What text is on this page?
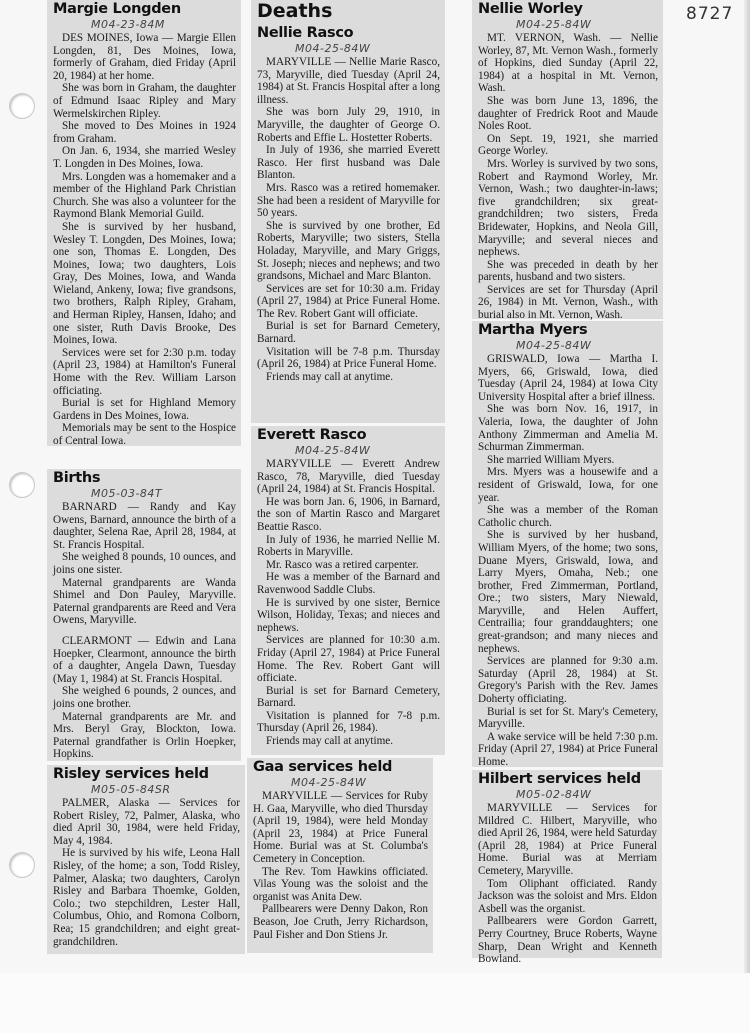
8727
Margie Longden
M04-23-84M

DES MOINES, Iowa — Margie Ellen Longden, 81, Des Moines, Iowa, formerly of Graham, died Friday (April 20, 1984) at her home.

She was born in Graham, the daughter of Edmund Isaac Ripley and Mary Wermelskirchen Ripley.

She moved to Des Moines in 1924 from Graham.

On Jan. 6, 1934, she married Wesley T. Longden in Des Moines, Iowa.

Mrs. Longden was a homemaker and a member of the Highland Park Christian Church. She was also a volunteer for the Raymond Blank Memorial Guild.

She is survived by her husband, Wesley T. Longden, Des Moines, Iowa; one son, Thomas E. Longden, Des Moines, Iowa; two daughters, Lois Gray, Des Moines, Iowa, and Wanda Wieland, Ankeny, Iowa; five grandsons, two brothers, Ralph Ripley, Graham, and Herman Ripley, Hansen, Idaho; and one sister, Ruth Davis Brooke, Des Moines, Iowa.

Services were set for 2:30 p.m. today (April 23, 1984) at Hamilton's Funeral Home with the Rev. William Larson officiating.

Burial is set for Highland Memory Gardens in Des Moines, Iowa.

Memorials may be sent to the Hospice of Central Iowa.

Births
M05-03-84T

BARNARD — Randy and Kay Owens, Barnard, announce the birth of a daughter, Selena Rae, April 28, 1984, at St. Francis Hospital.

She weighed 8 pounds, 10 ounces, and joins one sister.

Maternal grandparents are Wanda Shimel and Don Pauley, Maryville. Paternal grandparents are Reed and Vera Owens, Maryville.

CLEARMONT — Edwin and Lana Hoepker, Clearmont, announce the birth of a daughter, Angela Dawn, Tuesday (May 1, 1984) at St. Francis Hospital.

She weighed 6 pounds, 2 ounces, and joins one brother.

Maternal grandparents are Mr. and Mrs. Beryl Gray, Blockton, Iowa. Paternal grandfather is Orlin Hoepker, Hopkins.

Risley services held
M05-05-84SR

PALMER, Alaska — Services for Robert Risley, 72, Palmer, Alaska, who died April 30, 1984, were held Friday, May 4, 1984.

He is survived by his wife, Leona Hall Risley, of the home; a son, Todd Risley, Palmer, Alaska; two daughters, Carolyn Risley and Barbara Thoemke, Golden, Colo.; two stepchildren, Lester Hall, Columbus, Ohio, and Romona Colborn, Rea; 15 grandchildren; and eight great-grandchildren.

Deaths
Nellie Rasco
M04-25-84W

MARYVILLE — Nellie Marie Rasco, 73, Maryville, died Tuesday (April 24, 1984) at St. Francis Hospital after a long illness.

She was born July 29, 1910, in Maryville, the daughter of George O. Roberts and Effie L. Hostetter Roberts.

In July of 1936, she married Everett Rasco. Her first husband was Dale Blanton.

Mrs. Rasco was a retired homemaker. She had been a resident of Maryville for 50 years.

She is survived by one brother, Ed Roberts, Maryville; two sisters, Stella Holaday, Maryville, and Mary Griggs, St. Joseph; nieces and nephews; and two grandsons, Michael and Marc Blanton.

Services are set for 10:30 a.m. Friday (April 27, 1984) at Price Funeral Home. The Rev. Robert Gant will officiate.

Burial is set for Barnard Cemetery, Barnard.

Visitation will be 7-8 p.m. Thursday (April 26, 1984) at Price Funeral Home.

Friends may call at anytime.

Everett Rasco
M04-25-84W

MARYVILLE — Everett Andrew Rasco, 78, Maryville, died Tuesday (April 24, 1984) at St. Francis Hospital.

He was born Jan. 6, 1906, in Barnard, the son of Martin Rasco and Margaret Beattie Rasco.

In July of 1936, he married Nellie M. Roberts in Maryville.

Mr. Rasco was a retired carpenter.

He was a member of the Barnard and Ravenwood Saddle Clubs.

He is survived by one sister, Bernice Wilson, Holiday, Texas; and nieces and nephews.

Services are planned for 10:30 a.m. Friday (April 27, 1984) at Price Funeral Home. The Rev. Robert Gant will officiate.

Burial is set for Barnard Cemetery, Barnard.

Visitation is planned for 7-8 p.m. Thursday (April 26, 1984).

Friends may call at anytime.

Gaa services held
M04-25-84W

MARYVILLE — Services for Ruby H. Gaa, Maryville, who died Thursday (April 19, 1984), were held Monday (April 23, 1984) at Price Funeral Home. Burial was at St. Columba's Cemetery in Conception.

The Rev. Tom Hawkins officiated. Vilas Young was the soloist and the organist was Anita Dew.

Pallbearers were Denny Dakon, Ron Beason, Joe Cruth, Jerry Richardson, Paul Fisher and Don Stiens Jr.

Nellie Worley
M04-25-84W

MT. VERNON, Wash. — Nellie Worley, 87, Mt. Vernon Wash., formerly of Hopkins, died Sunday (April 22, 1984) at a hospital in Mt. Vernon, Wash.

She was born June 13, 1896, the daughter of Fredrick Root and Maude Noles Root.

On Sept. 19, 1921, she married George Worley.

Mrs. Worley is survived by two sons, Robert and Raymond Worley, Mr. Vernon, Wash.; two daughter-in-laws; five grandchildren; six great-grandchildren; two sisters, Freda Bridewater, Hopkins, and Neola Gill, Maryville; and several nieces and nephews.

She was preceded in death by her parents, husband and two sisters.

Services are set for Thursday (April 26, 1984) in Mt. Vernon, Wash., with burial also in Mt. Vernon, Wash.

Martha Myers
M04-25-84W

GRISWALD, Iowa — Martha I. Myers, 66, Griswald, Iowa, died Tuesday (April 24, 1984) at Iowa City University Hospital after a brief illness.

She was born Nov. 16, 1917, in Valeria, Iowa, the daughter of John Anthony Zimmerman and Amelia M. Schurman Zimmerman.

She married William Myers.

Mrs. Myers was a housewife and a resident of Griswald, Iowa, for one year.

She was a member of the Roman Catholic church.

She is survived by her husband, William Myers, of the home; two sons, Duane Myers, Griswald, Iowa, and Larry Myers, Omaha, Neb.; one brother, Fred Zimmerman, Portland, Ore.; two sisters, Mary Niewald, Maryville, and Helen Auffert, Centrailia; four granddaughters; one great-grandson; and many nieces and nephews.

Services are planned for 9:30 a.m. Saturday (April 28, 1984) at St. Gregory's Parish with the Rev. James Doherty officiating.

Burial is set for St. Mary's Cemetery, Maryville.

A wake service will be held 7:30 p.m. Friday (April 27, 1984) at Price Funeral Home.

Hilbert services held
M05-02-84W

MARYVILLE — Services for Mildred C. Hilbert, Maryville, who died April 26, 1984, were held Saturday (April 28, 1984) at Price Funeral Home. Burial was at Merriam Cemetery, Maryville.

Tom Oliphant officiated. Randy Jackson was the soloist and Mrs. Eldon Asbell was the organist.

Pallbearers were Gordon Garrett, Perry Courtney, Bruce Roberts, Wayne Sharp, Dean Wright and Kenneth Bowland.
